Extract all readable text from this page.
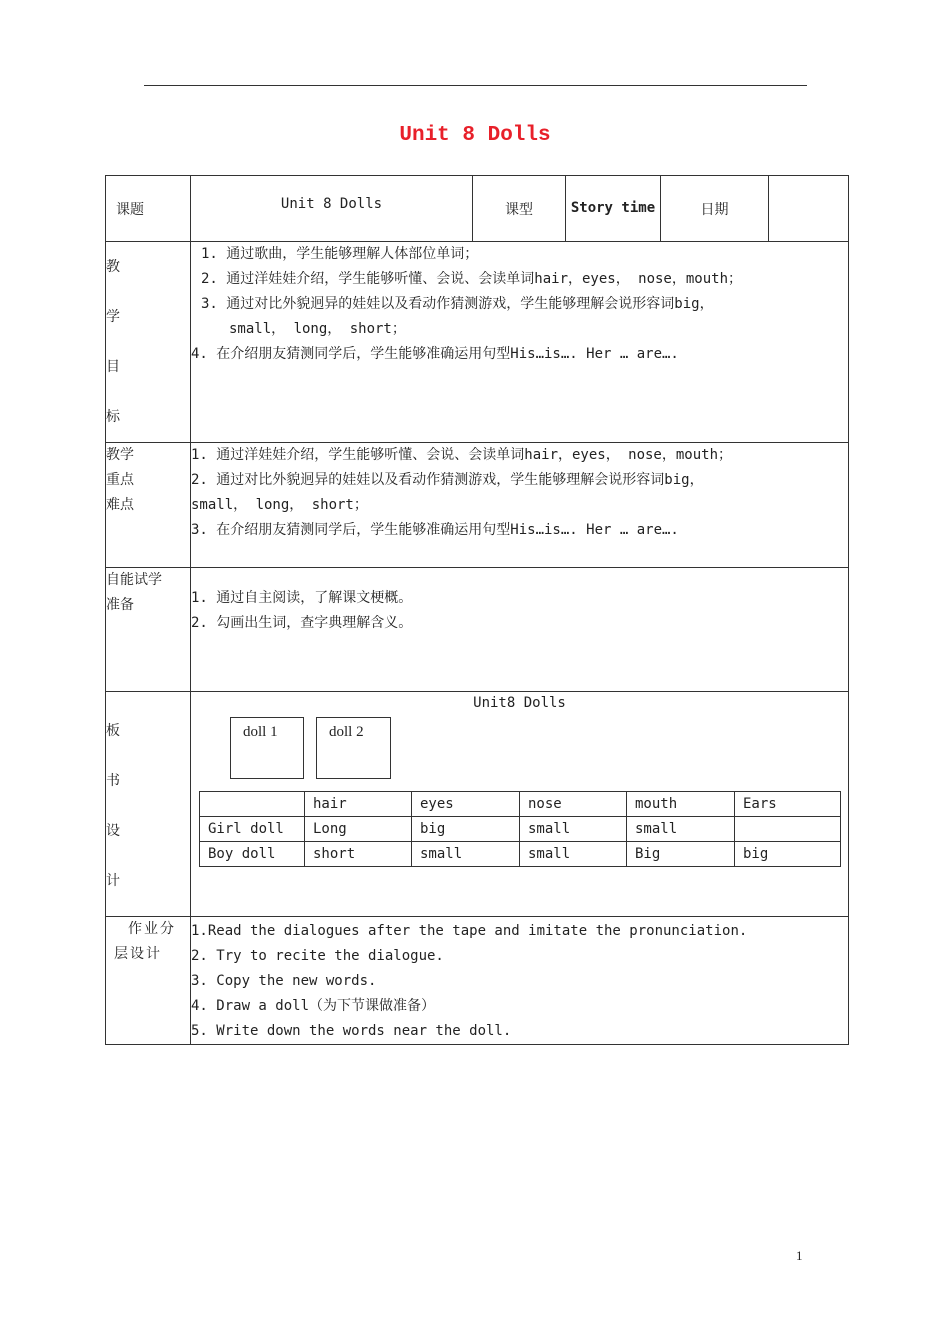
Unit 8 Dolls
课题	Unit 8 Dolls	课型	Story time	日期	

教
学
目
标

1. 通过歌曲，学生能够理解人体部位单词；
2. 通过洋娃娃介绍，学生能够听懂、会说、会读单词hair，eyes， nose，mouth；
3. 通过对比外貌迥异的娃娃以及看动作猜测游戏，学生能够理解会说形容词big，
small， long， short；
4. 在介绍朋友猜测同学后，学生能够准确运用句型His…is…. Her … are….

教学
重点
难点

1. 通过洋娃娃介绍，学生能够听懂、会说、会读单词hair，eyes， nose，mouth；
2. 通过对比外貌迥异的娃娃以及看动作猜测游戏，学生能够理解会说形容词big，
small， long， short；
3. 在介绍朋友猜测同学后，学生能够准确运用句型His…is…. Her … are….

自能试学
准备	1. 通过自主阅读，了解课文梗概。
2. 勾画出生词，查字典理解含义。

板
书
设
计

Unit8 Dolls
doll 1	doll 2
	hair	eyes	nose	mouth	Ears
Girl doll	Long	big	small	small	
Boy doll	short	small	small	Big	big

作业分
层设计

1.Read the dialogues after the tape and imitate the pronunciation.
2. Try to recite the dialogue.
3. Copy the new words.
4. Draw a doll（为下节课做准备）
5. Write down the words near the doll.
1
